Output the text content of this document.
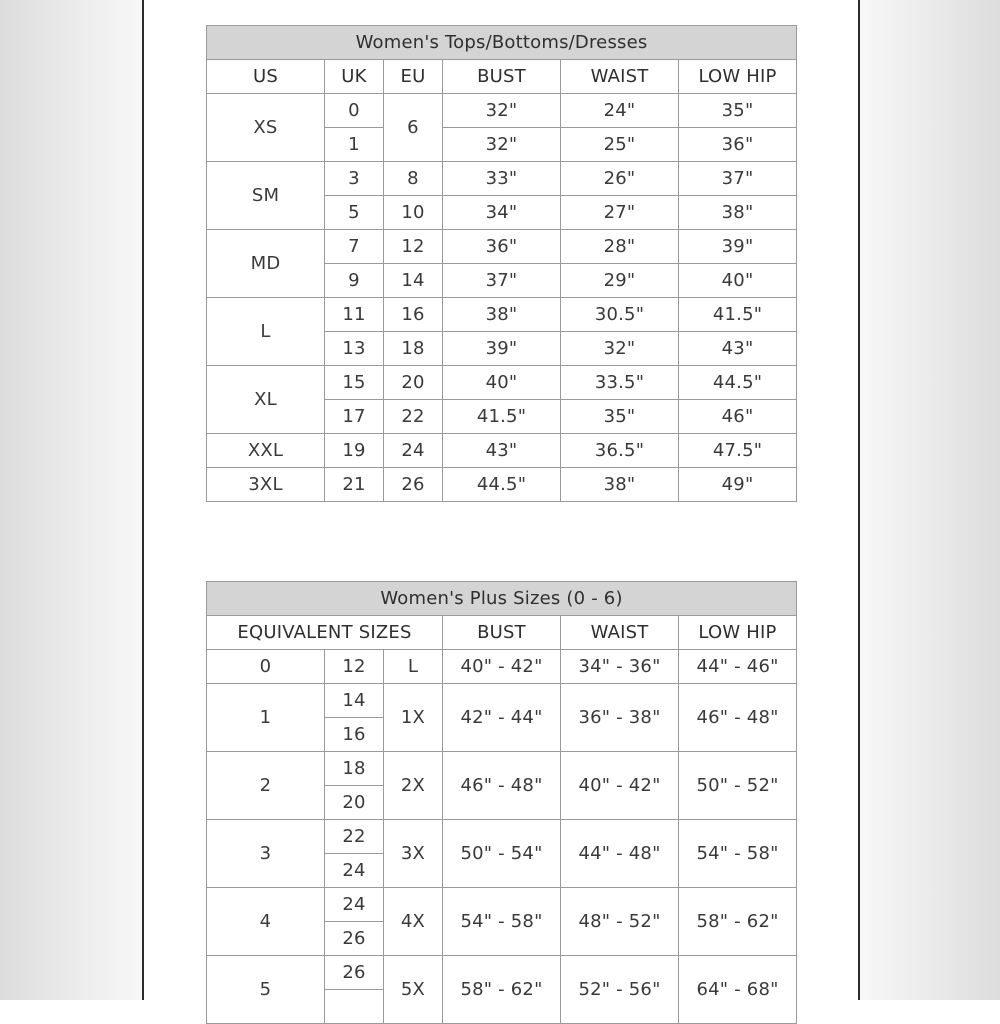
Women's Tops/Bottoms/Dresses					
US	UK	EU	BUST	WAIST	LOW HIP
XS	0	6	32"	24"	35"
	1		32"	25"	36"
SM	3	8	33"	26"	37"
	5	10	34"	27"	38"
MD	7	12	36"	28"	39"
	9	14	37"	29"	40"
L	11	16	38"	30.5"	41.5"
	13	18	39"	32"	43"
XL	15	20	40"	33.5"	44.5"
	17	22	41.5"	35"	46"
XXL	19	24	43"	36.5"	47.5"
3XL	21	26	44.5"	38"	49"
Women's Plus Sizes (0 - 6)					
EQUIVALENT SIZES			BUST	WAIST	LOW HIP
0	12	L	40" - 42"	34" - 36"	44" - 46"
1	14	1X	42" - 44"	36" - 38"	46" - 48"
	16				
2	18	2X	46" - 48"	40" - 42"	50" - 52"
	20				
3	22	3X	50" - 54"	44" - 48"	54" - 58"
	24				
4	24	4X	54" - 58"	48" - 52"	58" - 62"
	26				
5	26	5X	58" - 62"	52" - 56"	64" - 68"
